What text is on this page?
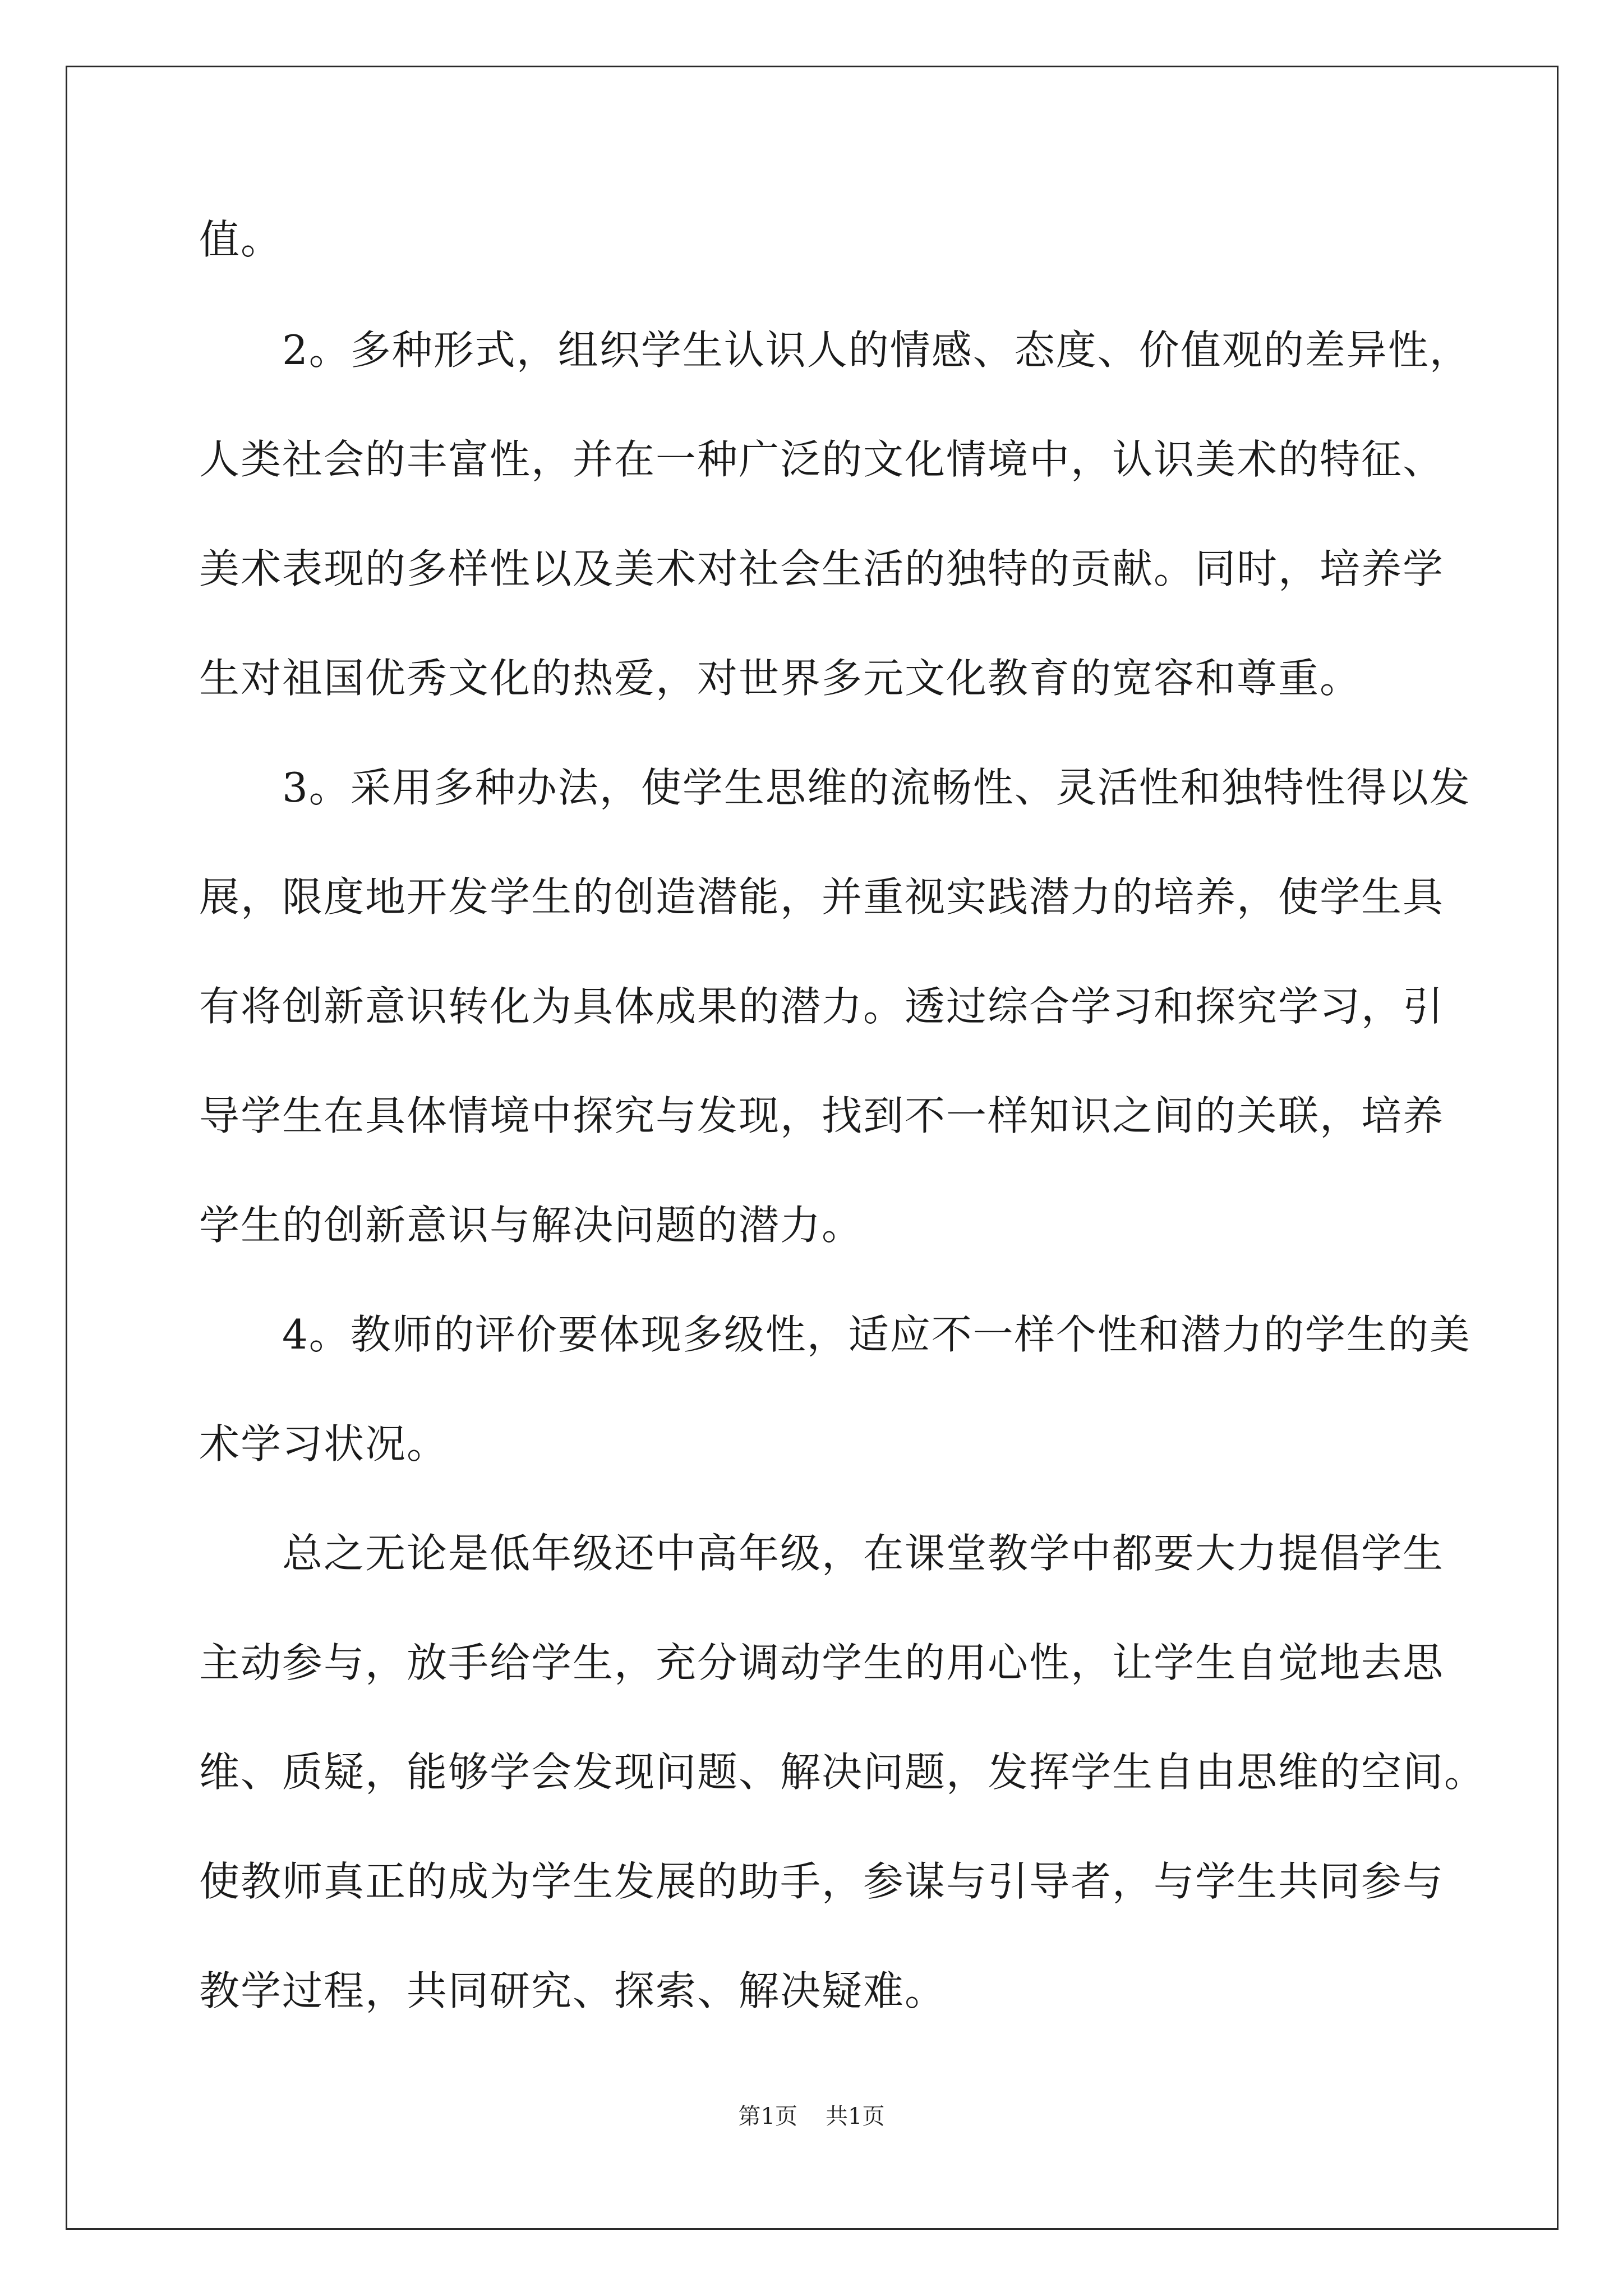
值。

　　2。多种形式，组织学生认识人的情感、态度、价值观的差异性，

人类社会的丰富性，并在一种广泛的文化情境中，认识美术的特征、

美术表现的多样性以及美术对社会生活的独特的贡献。同时，培养学

生对祖国优秀文化的热爱，对世界多元文化教育的宽容和尊重。

　　3。采用多种办法，使学生思维的流畅性、灵活性和独特性得以发

展，限度地开发学生的创造潜能，并重视实践潜力的培养，使学生具

有将创新意识转化为具体成果的潜力。透过综合学习和探究学习，引

导学生在具体情境中探究与发现，找到不一样知识之间的关联，培养

学生的创新意识与解决问题的潜力。

　　4。教师的评价要体现多级性，适应不一样个性和潜力的学生的美

术学习状况。

　　总之无论是低年级还中高年级，在课堂教学中都要大力提倡学生

主动参与，放手给学生，充分调动学生的用心性，让学生自觉地去思

维、质疑，能够学会发现问题、解决问题，发挥学生自由思维的空间。

使教师真正的成为学生发展的助手，参谋与引导者，与学生共同参与

教学过程，共同研究、探索、解决疑难。

第1页 共1页
